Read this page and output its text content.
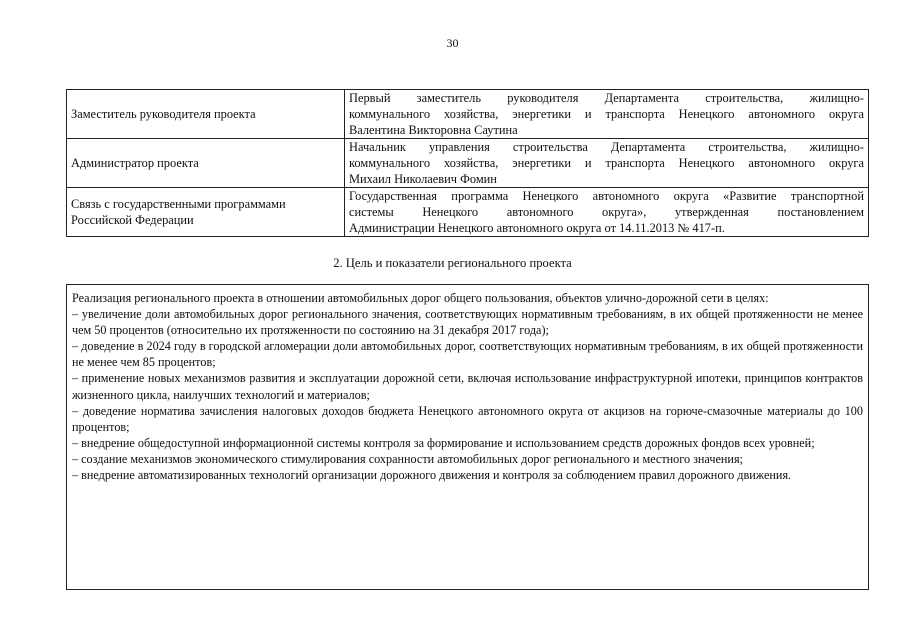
30
Заместитель руководителя проекта	Первый заместитель руководителя Департамента строительства, жилищно-
коммунального хозяйства, энергетики и транспорта Ненецкого автономного округа
Валентина Викторовна Саутина

Администратор проекта	Начальник управления строительства Департамента строительства, жилищно-
коммунального хозяйства, энергетики и транспорта Ненецкого автономного округа
Михаил Николаевич Фомин

Связь с государственными программами
Российской Федерации	Государственная программа Ненецкого автономного округа «Развитие транспортной
системы Ненецкого автономного округа», утвержденная постановлением
Администрации Ненецкого автономного округа от 14.11.2013 № 417-п.
2. Цель и показатели регионального проекта

Реализация регионального проекта в отношении автомобильных дорог общего пользования, объектов улично-дорожной сети в целях:

– увеличение доли автомобильных дорог регионального значения, соответствующих нормативным требованиям, в их общей протяженности не менее чем 50 процентов (относительно их протяженности по состоянию на 31 декабря 2017 года);

– доведение в 2024 году в городской агломерации доли автомобильных дорог, соответствующих нормативным требованиям, в их общей протяженности не менее чем 85 процентов;

– применение новых механизмов развития и эксплуатации дорожной сети, включая использование инфраструктурной ипотеки, принципов контрактов жизненного цикла, наилучших технологий и материалов;

– доведение норматива зачисления налоговых доходов бюджета Ненецкого автономного округа от акцизов на горюче-смазочные материалы до 100 процентов;

– внедрение общедоступной информационной системы контроля за формирование и использованием средств дорожных фондов всех уровней;

– создание механизмов экономического стимулирования сохранности автомобильных дорог регионального и местного значения;

– внедрение автоматизированных технологий организации дорожного движения и контроля за соблюдением правил дорожного движения.
